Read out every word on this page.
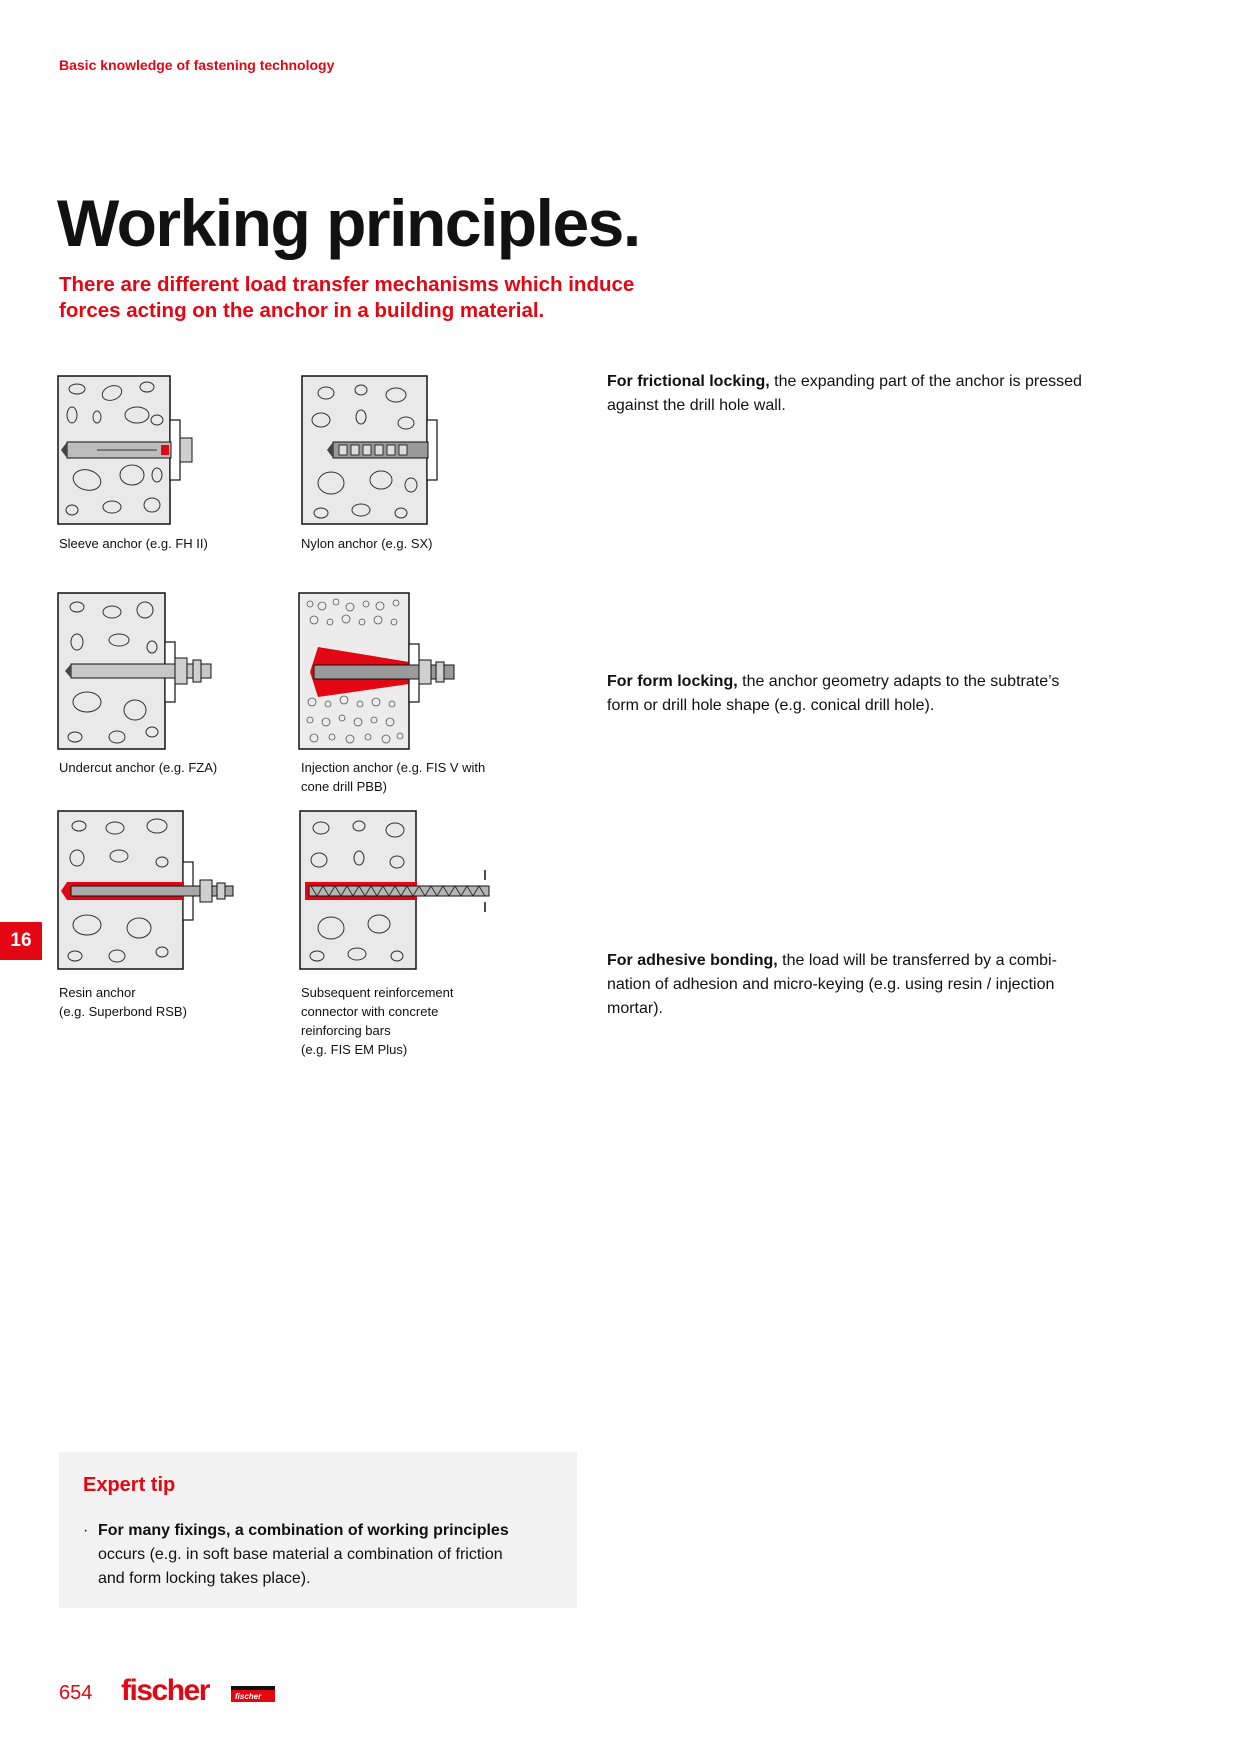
Basic knowledge of fastening technology
Working principles.
There are different load transfer mechanisms which induce forces acting on the anchor in a building material.
Sleeve anchor (e.g. FH II)	Nylon anchor (e.g. SX)
Undercut anchor (e.g. FZA)	Injection anchor (e.g. FIS V with
cone drill PBB)
Resin anchor
(e.g. Superbond RSB)
Subsequent reinforcement
connector with concrete
reinforcing bars
(e.g. FIS EM Plus)
For frictional locking, the expanding part of the anchor is pressed
against the drill hole wall.
For form locking, the anchor geometry adapts to the subtrate’s
form or drill hole shape (e.g. conical drill hole).
For adhesive bonding, the load will be transferred by a combi-
nation of adhesion and micro-keying (e.g. using resin / injection
mortar).
16
Expert tip
· For many fixings, a combination of working principles
occurs (e.g. in soft base material a combination of friction
and form locking takes place).
654 fischer	fischer
